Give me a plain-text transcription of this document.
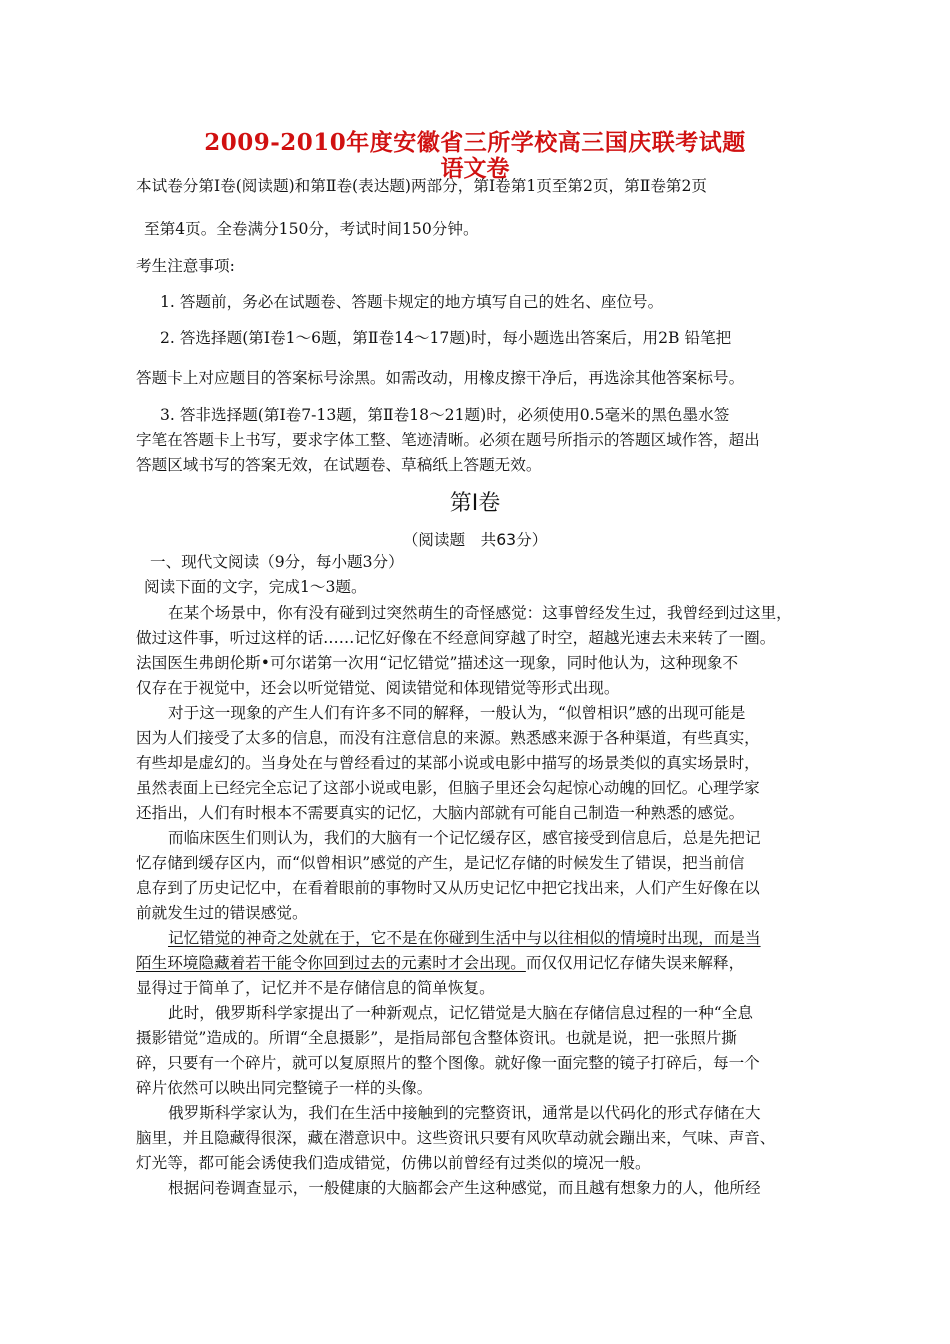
2009-2010年度安徽省三所学校高三国庆联考试题
语文卷
本试卷分第Ⅰ卷(阅读题)和第Ⅱ卷(表达题)两部分，第Ⅰ卷第1页至第2页，第Ⅱ卷第2页
至第4页。全卷满分150分，考试时间150分钟。
考生注意事项:
1. 答题前，务必在试题卷、答题卡规定的地方填写自己的姓名、座位号。
2. 答选择题(第Ⅰ卷1～6题，第Ⅱ卷14～17题)时，每小题选出答案后，用2B 铅笔把
答题卡上对应题目的答案标号涂黑。如需改动，用橡皮擦干净后，再选涂其他答案标号。
3. 答非选择题(第Ⅰ卷7-13题，第Ⅱ卷18～21题)时，必须使用0.5毫米的黑色墨水签
字笔在答题卡上书写，要求字体工整、笔迹清晰。必须在题号所指示的答题区域作答，超出
答题区域书写的答案无效，在试题卷、草稿纸上答题无效。
第Ⅰ卷
（阅读题　共63分）
一、现代文阅读（9分，每小题3分）
阅读下面的文字，完成1～3题。
在某个场景中，你有没有碰到过突然萌生的奇怪感觉：这事曾经发生过，我曾经到过这里，
做过这件事，听过这样的话……记忆好像在不经意间穿越了时空，超越光速去未来转了一圈。
法国医生弗朗伦斯•可尔诺第一次用“记忆错觉”描述这一现象，同时他认为，这种现象不
仅存在于视觉中，还会以听觉错觉、阅读错觉和体现错觉等形式出现。
对于这一现象的产生人们有许多不同的解释，一般认为，“似曾相识”感的出现可能是
因为人们接受了太多的信息，而没有注意信息的来源。熟悉感来源于各种渠道，有些真实，
有些却是虚幻的。当身处在与曾经看过的某部小说或电影中描写的场景类似的真实场景时，
虽然表面上已经完全忘记了这部小说或电影，但脑子里还会勾起惊心动魄的回忆。心理学家
还指出，人们有时根本不需要真实的记忆，大脑内部就有可能自己制造一种熟悉的感觉。
而临床医生们则认为，我们的大脑有一个记忆缓存区，感官接受到信息后，总是先把记
忆存储到缓存区内，而“似曾相识”感觉的产生，是记忆存储的时候发生了错误，把当前信
息存到了历史记忆中，在看着眼前的事物时又从历史记忆中把它找出来，人们产生好像在以
前就发生过的错误感觉。
记忆错觉的神奇之处就在于，它不是在你碰到生活中与以往相似的情境时出现，而是当
陌生环境隐藏着若干能令你回到过去的元素时才会出现。而仅仅用记忆存储失误来解释，
显得过于简单了，记忆并不是存储信息的简单恢复。
此时，俄罗斯科学家提出了一种新观点，记忆错觉是大脑在存储信息过程的一种“全息
摄影错觉”造成的。所谓“全息摄影”，是指局部包含整体资讯。也就是说，把一张照片撕
碎，只要有一个碎片，就可以复原照片的整个图像。就好像一面完整的镜子打碎后，每一个
碎片依然可以映出同完整镜子一样的头像。
俄罗斯科学家认为，我们在生活中接触到的完整资讯，通常是以代码化的形式存储在大
脑里，并且隐藏得很深，藏在潜意识中。这些资讯只要有风吹草动就会蹦出来，气味、声音、
灯光等，都可能会诱使我们造成错觉，仿佛以前曾经有过类似的境况一般。
根据问卷调查显示，一般健康的大脑都会产生这种感觉，而且越有想象力的人，他所经
